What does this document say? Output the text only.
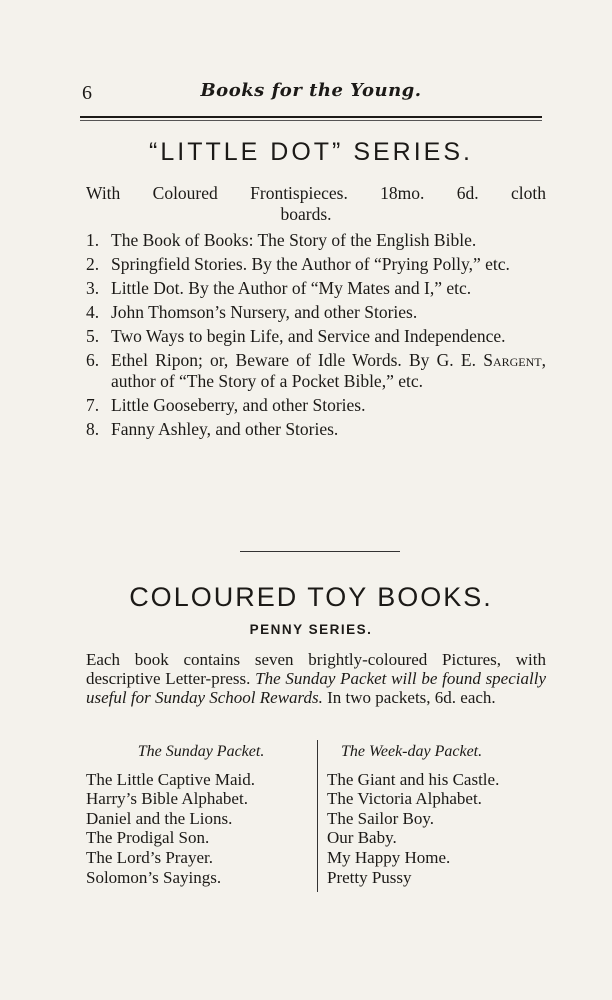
6	Books for the Young.
“LITTLE DOT” SERIES.
With Coloured Frontispieces. 18mo. 6d. cloth
boards.
1. The Book of Books: The Story of the English Bible.
2. Springfield Stories. By the Author of “Prying Polly,” etc.
3. Little Dot. By the Author of “My Mates and I,” etc.
4. John Thomson’s Nursery, and other Stories.
5. Two Ways to begin Life, and Service and Independence.
6. Ethel Ripon; or, Beware of Idle Words. By G. E. Sargent, author of “The Story of a Pocket Bible,” etc.
7. Little Gooseberry, and other Stories.
8. Fanny Ashley, and other Stories.
COLOURED TOY BOOKS.
PENNY SERIES.
Each book contains seven brightly-coloured Pictures, with descriptive Letter-press. The Sunday Packet will be found specially useful for Sunday School Rewards. In two packets, 6d. each.
The Sunday Packet.
The Little Captive Maid.
Harry’s Bible Alphabet.
Daniel and the Lions.
The Prodigal Son.
The Lord’s Prayer.
Solomon’s Sayings.
The Week-day Packet.
The Giant and his Castle.
The Victoria Alphabet.
The Sailor Boy.
Our Baby.
My Happy Home.
Pretty Pussy
